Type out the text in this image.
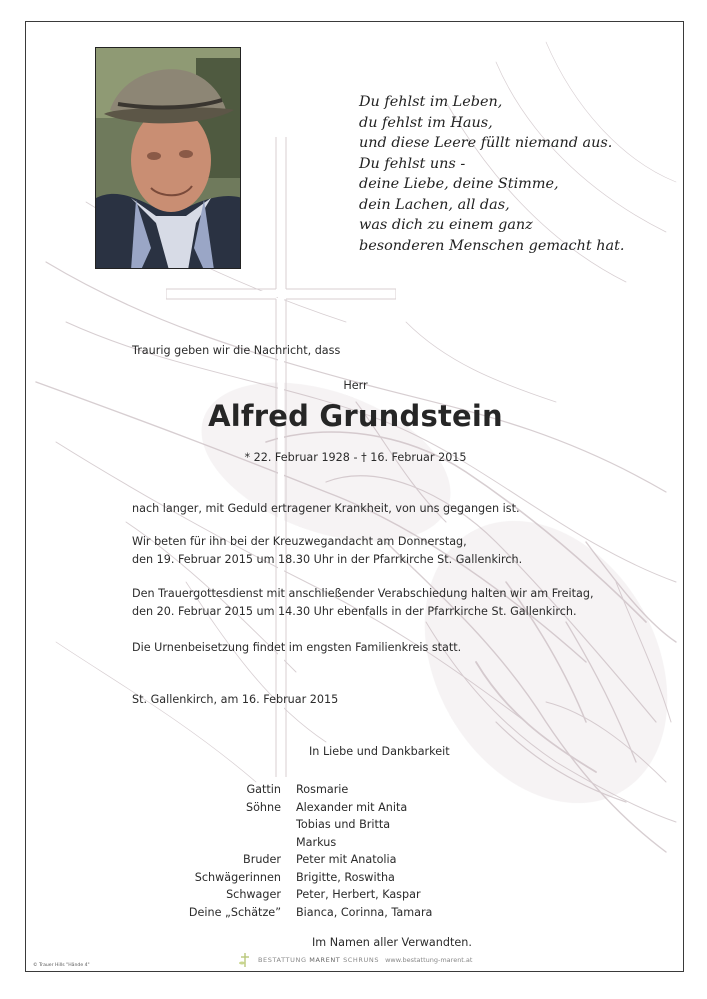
Du fehlst im Leben,
du fehlst im Haus,
und diese Leere füllt niemand aus.
Du fehlst uns -
deine Liebe, deine Stimme,
dein Lachen, all das,
was dich zu einem ganz
besonderen Menschen gemacht hat.
Traurig geben wir die Nachricht, dass
Herr
Alfred Grundstein
* 22. Februar 1928 - † 16. Februar 2015
nach langer, mit Geduld ertragener Krankheit, von uns gegangen ist.
Wir beten für ihn bei der Kreuzwegandacht am Donnerstag,
den 19. Februar 2015 um 18.30 Uhr in der Pfarrkirche St. Gallenkirch.
Den Trauergottesdienst mit anschließender Verabschiedung halten wir am Freitag,
den 20. Februar 2015 um 14.30 Uhr ebenfalls in der Pfarrkirche St. Gallenkirch.
Die Urnenbeisetzung findet im engsten Familienkreis statt.
St. Gallenkirch, am 16. Februar 2015
In Liebe und Dankbarkeit
Gattin Rosmarie
Söhne Alexander mit Anita
Tobias und Britta
Markus
Bruder Peter mit Anatolia
Schwägerinnen Brigitte, Roswitha
Schwager Peter, Herbert, Kaspar
Deine „Schätze” Bianca, Corinna, Tamara
Im Namen aller Verwandten.
BESTATTUNG MARENT SCHRUNS www.bestattung-marent.at
© Trauer Hills "Hände 4"
